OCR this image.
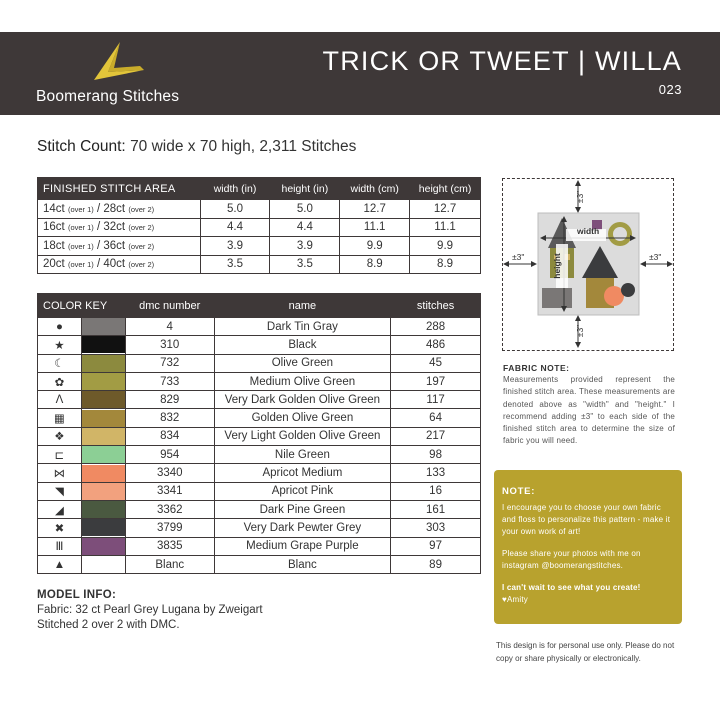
Boomerang Stitches
TRICK OR TWEET | WILLA
023
Stitch Count: 70 wide x 70 high, 2,311 Stitches
FINISHED STITCH AREA	width (in)	height (in)	width (cm)	height (cm)
14ct (over 1) / 28ct (over 2)	5.0	5.0	12.7	12.7
16ct (over 1) / 32ct (over 2)	4.4	4.4	11.1	11.1
18ct (over 1) / 36ct (over 2)	3.9	3.9	9.9	9.9
20ct (over 1) / 40ct (over 2)	3.5	3.5	8.9	8.9
COLOR KEY		dmc number	name	stitches
●		4	Dark Tin Gray	288
★		310	Black	486
☾		732	Olive Green	45
✿		733	Medium Olive Green	197
Λ		829	Very Dark Golden Olive Green	117
▦		832	Golden Olive Green	64
❖		834	Very Light Golden Olive Green	217
⊏		954	Nile Green	98
⋈		3340	Apricot Medium	133
◥		3341	Apricot Pink	16
◢		3362	Dark Pine Green	161
✖		3799	Very Dark Pewter Grey	303
Ⅲ		3835	Medium Grape Purple	97
▲		Blanc	Blanc	89
MODEL INFO:
Fabric: 32 ct Pearl Grey Lugana by Zweigart
Stitched 2 over 2 with DMC.
width
height
±3"
±3"
±3"	±3"
FABRIC NOTE:
Measurements provided represent the finished stitch area. These measurements are denoted above as "width" and "height." I recommend adding ±3" to each side of the finished stitch area to determine the size of fabric you will need.
NOTE:

I encourage you to choose your own fabric and floss to personalize this pattern - make it your own work of art!

Please share your photos with me on instagram @boomerangstitches.

I can't wait to see what you create!
♥Amity
This design is for personal use only. Please do not copy or share physically or electronically.
